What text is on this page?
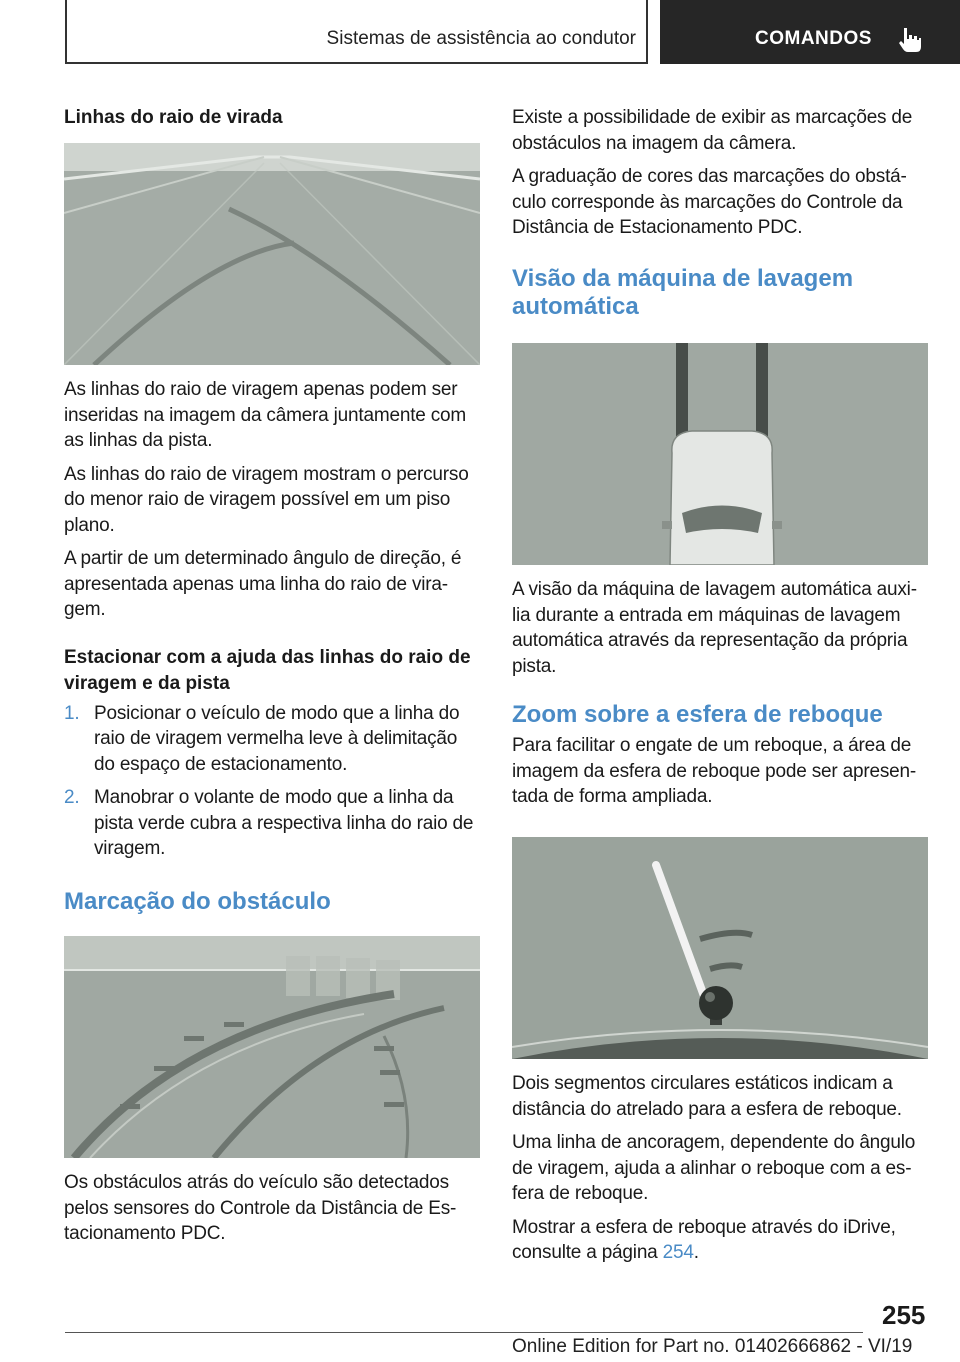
Sistemas de assistência ao condutor	COMANDOS
Linhas do raio de virada

As linhas do raio de viragem apenas podem ser inseridas na imagem da câmera juntamente com as linhas da pista.

As linhas do raio de viragem mostram o percurso do menor raio de viragem possível em um piso plano.

A partir de um determinado ângulo de direção, é apresentada apenas uma linha do raio de vira‐ gem.

Estacionar com a ajuda das linhas do raio de viragem e da pista
1. Posicionar o veículo de modo que a linha do raio de viragem vermelha leve à delimitação do espaço de estacionamento.
2. Manobrar o volante de modo que a linha da pista verde cubra a respectiva linha do raio de viragem.
Marcação do obstáculo

Os obstáculos atrás do veículo são detectados pelos sensores do Controle da Distância de Es‐ tacionamento PDC.

Existe a possibilidade de exibir as marcações de obstáculos na imagem da câmera.

A graduação de cores das marcações do obstá‐ culo corresponde às marcações do Controle da Distância de Estacionamento PDC.

Visão da máquina de lavagem automática

A visão da máquina de lavagem automática auxi‐ lia durante a entrada em máquinas de lavagem automática através da representação da própria pista.

Zoom sobre a esfera de reboque

Para facilitar o engate de um reboque, a área de imagem da esfera de reboque pode ser apresen‐ tada de forma ampliada.

Dois segmentos circulares estáticos indicam a distância do atrelado para a esfera de reboque.

Uma linha de ancoragem, dependente do ângulo de viragem, ajuda a alinhar o reboque com a es‐ fera de reboque.

Mostrar a esfera de reboque através do iDrive, consulte a página 254.

255
Online Edition for Part no. 01402666862 - VI/19
